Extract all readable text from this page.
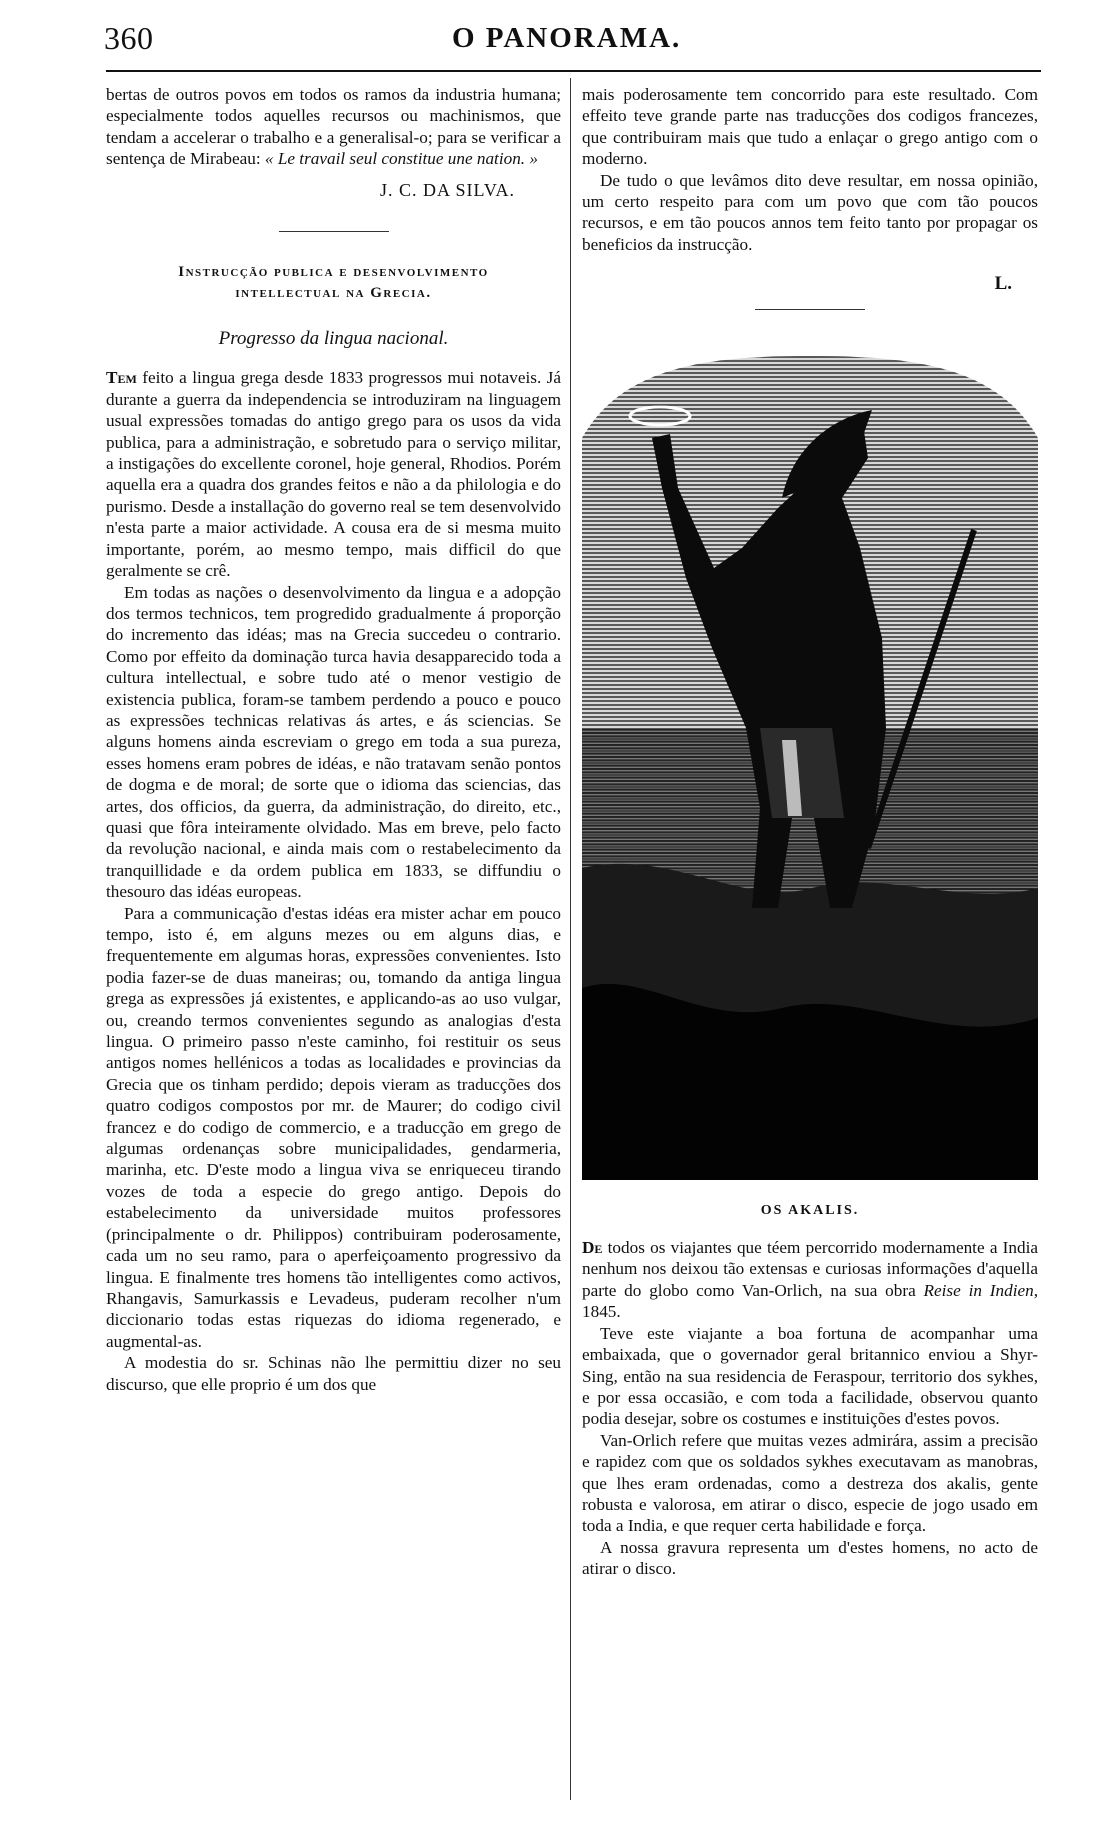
360	O PANORAMA.

bertas de outros povos em todos os ramos da industria humana; especialmente todos aquelles recursos ou machinismos, que tendam a accelerar o trabalho e a generalisal-o; para se verificar a sentença de Mirabeau: « Le travail seul constitue une nation. »

J. C. DA SILVA.
Instrucção publica e desenvolvimento
intellectual na Grecia.
Progresso da lingua nacional.

Tem feito a lingua grega desde 1833 progressos mui notaveis. Já durante a guerra da independencia se introduziram na linguagem usual expressões tomadas do antigo grego para os usos da vida publica, para a administração, e sobretudo para o serviço militar, a instigações do excellente coronel, hoje general, Rhodios. Porém aquella era a quadra dos grandes feitos e não a da philologia e do purismo. Desde a installação do governo real se tem desenvolvido n'esta parte a maior actividade. A cousa era de si mesma muito importante, porém, ao mesmo tempo, mais difficil do que geralmente se crê.

Em todas as nações o desenvolvimento da lingua e a adopção dos termos technicos, tem progredido gradualmente á proporção do incremento das idéas; mas na Grecia succedeu o contrario. Como por effeito da dominação turca havia desapparecido toda a cultura intellectual, e sobre tudo até o menor vestigio de existencia publica, foram-se tambem perdendo a pouco e pouco as expressões technicas relativas ás artes, e ás sciencias. Se alguns homens ainda escreviam o grego em toda a sua pureza, esses homens eram pobres de idéas, e não tratavam senão pontos de dogma e de moral; de sorte que o idioma das sciencias, das artes, dos officios, da guerra, da administração, do direito, etc., quasi que fôra inteiramente olvidado. Mas em breve, pelo facto da revolução nacional, e ainda mais com o restabelecimento da tranquillidade e da ordem publica em 1833, se diffundiu o thesouro das idéas europeas.

Para a communicação d'estas idéas era mister achar em pouco tempo, isto é, em alguns mezes ou em alguns dias, e frequentemente em algumas horas, expressões convenientes. Isto podia fazer-se de duas maneiras; ou, tomando da antiga lingua grega as expressões já existentes, e applicando-as ao uso vulgar, ou, creando termos convenientes segundo as analogias d'esta lingua. O primeiro passo n'este caminho, foi restituir os seus antigos nomes hellénicos a todas as localidades e provincias da Grecia que os tinham perdido; depois vieram as traducções dos quatro codigos compostos por mr. de Maurer; do codigo civil francez e do codigo de commercio, e a traducção em grego de algumas ordenanças sobre municipalidades, gendarmeria, marinha, etc. D'este modo a lingua viva se enriqueceu tirando vozes de toda a especie do grego antigo. Depois do estabelecimento da universidade muitos professores (principalmente o dr. Philippos) contribuiram poderosamente, cada um no seu ramo, para o aperfeiçoamento progressivo da lingua. E finalmente tres homens tão intelligentes como activos, Rhangavis, Samurkassis e Levadeus, puderam recolher n'um diccionario todas estas riquezas do idioma regenerado, e augmental-as.

A modestia do sr. Schinas não lhe permittiu dizer no seu discurso, que elle proprio é um dos que

mais poderosamente tem concorrido para este resultado. Com effeito teve grande parte nas traducções dos codigos francezes, que contribuiram mais que tudo a enlaçar o grego antigo com o moderno.

De tudo o que levâmos dito deve resultar, em nossa opinião, um certo respeito para com um povo que com tão poucos recursos, e em tão poucos annos tem feito tanto por propagar os beneficios da instrucção.

L.
OS AKALIS.

De todos os viajantes que téem percorrido modernamente a India nenhum nos deixou tão extensas e curiosas informações d'aquella parte do globo como Van-Orlich, na sua obra Reise in Indien, 1845.

Teve este viajante a boa fortuna de acompanhar uma embaixada, que o governador geral britannico enviou a Shyr-Sing, então na sua residencia de Feraspour, territorio dos sykhes, e por essa occasião, e com toda a facilidade, observou quanto podia desejar, sobre os costumes e instituições d'estes povos.

Van-Orlich refere que muitas vezes admirára, assim a precisão e rapidez com que os soldados sykhes executavam as manobras, que lhes eram ordenadas, como a destreza dos akalis, gente robusta e valorosa, em atirar o disco, especie de jogo usado em toda a India, e que requer certa habilidade e força.

A nossa gravura representa um d'estes homens, no acto de atirar o disco.
